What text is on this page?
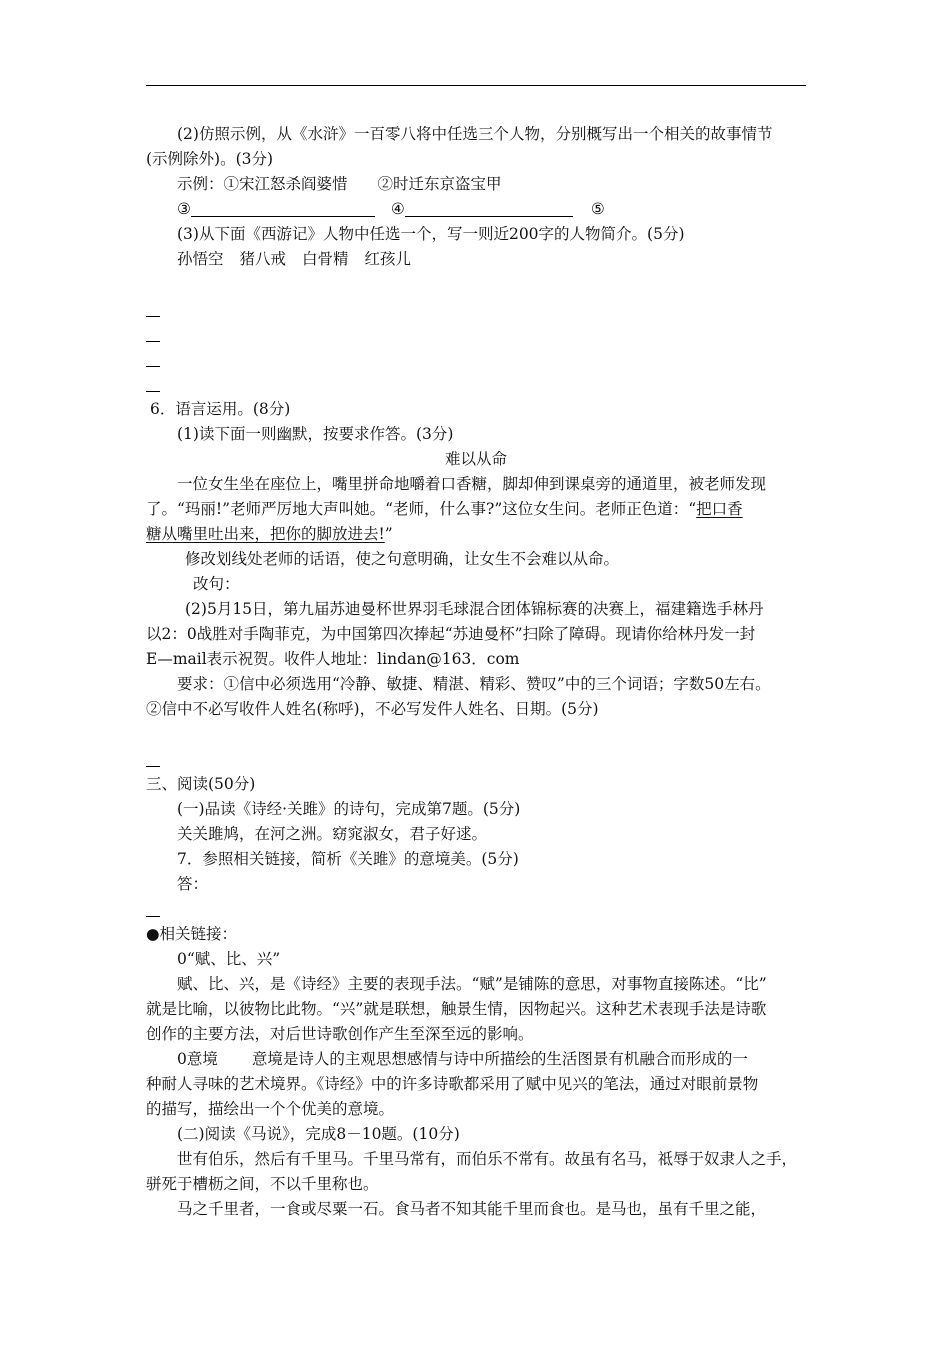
(2)仿照示例，从《水浒》一百零八将中任选三个人物，分别概写出一个相关的故事情节
(示例除外)。(3分)
示例：①宋江怒杀阎婆惜 ②时迁东京盗宝甲
③	④	⑤
(3)从下面《西游记》人物中任选一个，写一则近200字的人物简介。(5分)
孙悟空 猪八戒 白骨精 红孩儿
6．语言运用。(8分)
(1)读下面一则幽默，按要求作答。(3分)
难以从命
一位女生坐在座位上，嘴里拼命地嚼着口香糖，脚却伸到课桌旁的通道里，被老师发现
了。“玛丽!”老师严厉地大声叫她。“老师，什么事?”这位女生问。老师正色道：“把口香
糖从嘴里吐出来，把你的脚放进去!”
修改划线处老师的话语，使之句意明确，让女生不会难以从命。
改句：
(2)5月15日，第九届苏迪曼杯世界羽毛球混合团体锦标赛的决赛上，福建籍选手林丹
以2：0战胜对手陶菲克，为中国第四次捧起“苏迪曼杯”扫除了障碍。现请你给林丹发一封
E—mail表示祝贺。收件人地址：lindan@163．com
要求：①信中必须选用“冷静、敏捷、精湛、精彩、赞叹”中的三个词语；字数50左右。
②信中不必写收件人姓名(称呼)，不必写发件人姓名、日期。(5分)
三、阅读(50分)
(一)品读《诗经·关雎》的诗句，完成第7题。(5分)
关关雎鸠，在河之洲。窈窕淑女，君子好逑。
7．参照相关链接，简析《关雎》的意境美。(5分)
答：
●相关链接：
0“赋、比、兴”
赋、比、兴，是《诗经》主要的表现手法。“赋”是铺陈的意思，对事物直接陈述。“比”
就是比喻，以彼物比此物。“兴”就是联想，触景生情，因物起兴。这种艺术表现手法是诗歌
创作的主要方法，对后世诗歌创作产生至深至远的影响。
0意境 意境是诗人的主观思想感情与诗中所描绘的生活图景有机融合而形成的一
种耐人寻味的艺术境界。《诗经》中的许多诗歌都采用了赋中见兴的笔法，通过对眼前景物
的描写，描绘出一个个优美的意境。
(二)阅读《马说》，完成8－10题。(10分)
世有伯乐，然后有千里马。千里马常有，而伯乐不常有。故虽有名马，祗辱于奴隶人之手，
骈死于槽枥之间，不以千里称也。
马之千里者，一食或尽粟一石。食马者不知其能千里而食也。是马也，虽有千里之能，
